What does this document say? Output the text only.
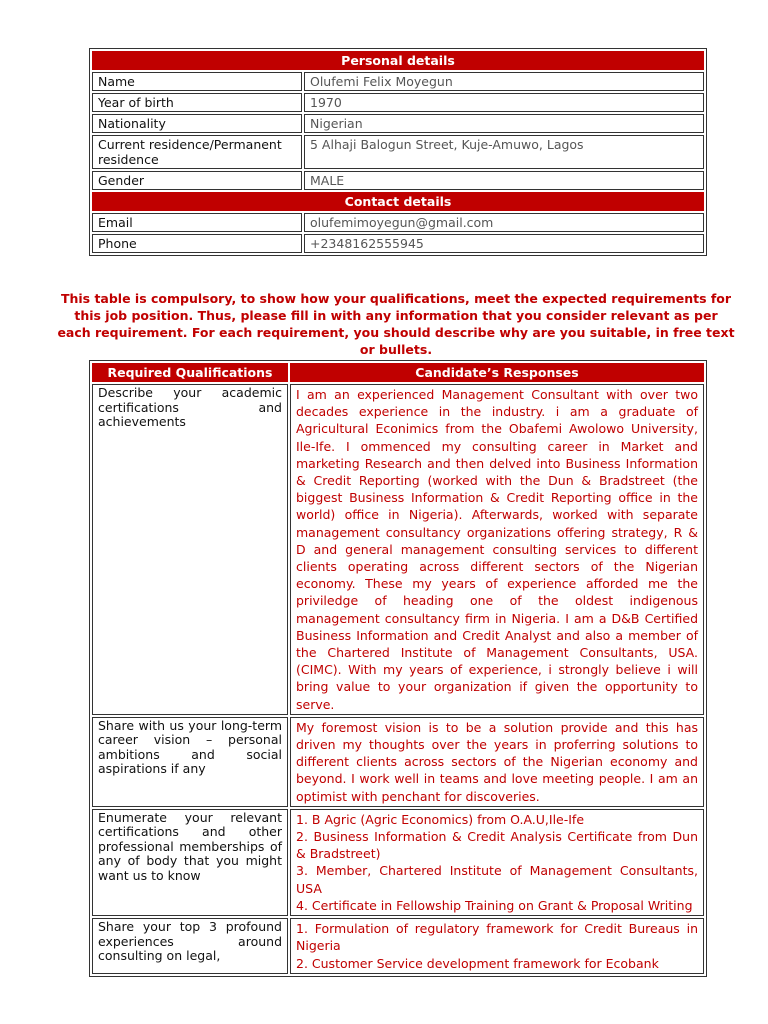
Personal details	
Name	Olufemi Felix Moyegun
Year of birth	1970
Nationality	Nigerian
Current residence/Permanent residence	5 Alhaji Balogun Street, Kuje-Amuwo, Lagos
Gender	MALE
Contact details	
Email	olufemimoyegun@gmail.com
Phone	+2348162555945

This table is compulsory, to show how your qualifications, meet the expected requirements for this job position. Thus, please fill in with any information that you consider relevant as per each requirement. For each requirement, you should describe why are you suitable, in free text or bullets.

Required Qualifications	Candidate’s Responses
Describe your academic certifications and achievements	I am an experienced Management Consultant with over two decades experience in the industry. i am a graduate of Agricultural Econimics from the Obafemi Awolowo University, Ile-Ife. I ommenced my consulting career in Market and marketing Research and then delved into Business Information & Credit Reporting (worked with the Dun & Bradstreet (the biggest Business Information & Credit Reporting office in the world) office in Nigeria). Afterwards, worked with separate management consultancy organizations offering strategy, R & D and general management consulting services to different clients operating across different sectors of the Nigerian economy. These my years of experience afforded me the priviledge of heading one of the oldest indigenous management consultancy firm in Nigeria. I am a D&B Certified Business Information and Credit Analyst and also a member of the Chartered Institute of Management Consultants, USA. (CIMC). With my years of experience, i strongly believe i will bring value to your organization if given the opportunity to serve.
Share with us your long-term career vision – personal ambitions and social aspirations if any	My foremost vision is to be a solution provide and this has driven my thoughts over the years in proferring solutions to different clients across sectors of the Nigerian economy and beyond. I work well in teams and love meeting people. I am an optimist with penchant for discoveries.
Enumerate your relevant certifications and other professional memberships of any of body that you might want us to know	1. B Agric (Agric Economics) from O.A.U,Ile-Ife
2. Business Information & Credit Analysis Certificate from Dun & Bradstreet)
3. Member, Chartered Institute of Management Consultants, USA
4. Certificate in Fellowship Training on Grant & Proposal Writing

Share your top 3 profound experiences around consulting on legal,	1. Formulation of regulatory framework for Credit Bureaus in Nigeria
2. Customer Service development framework for Ecobank
